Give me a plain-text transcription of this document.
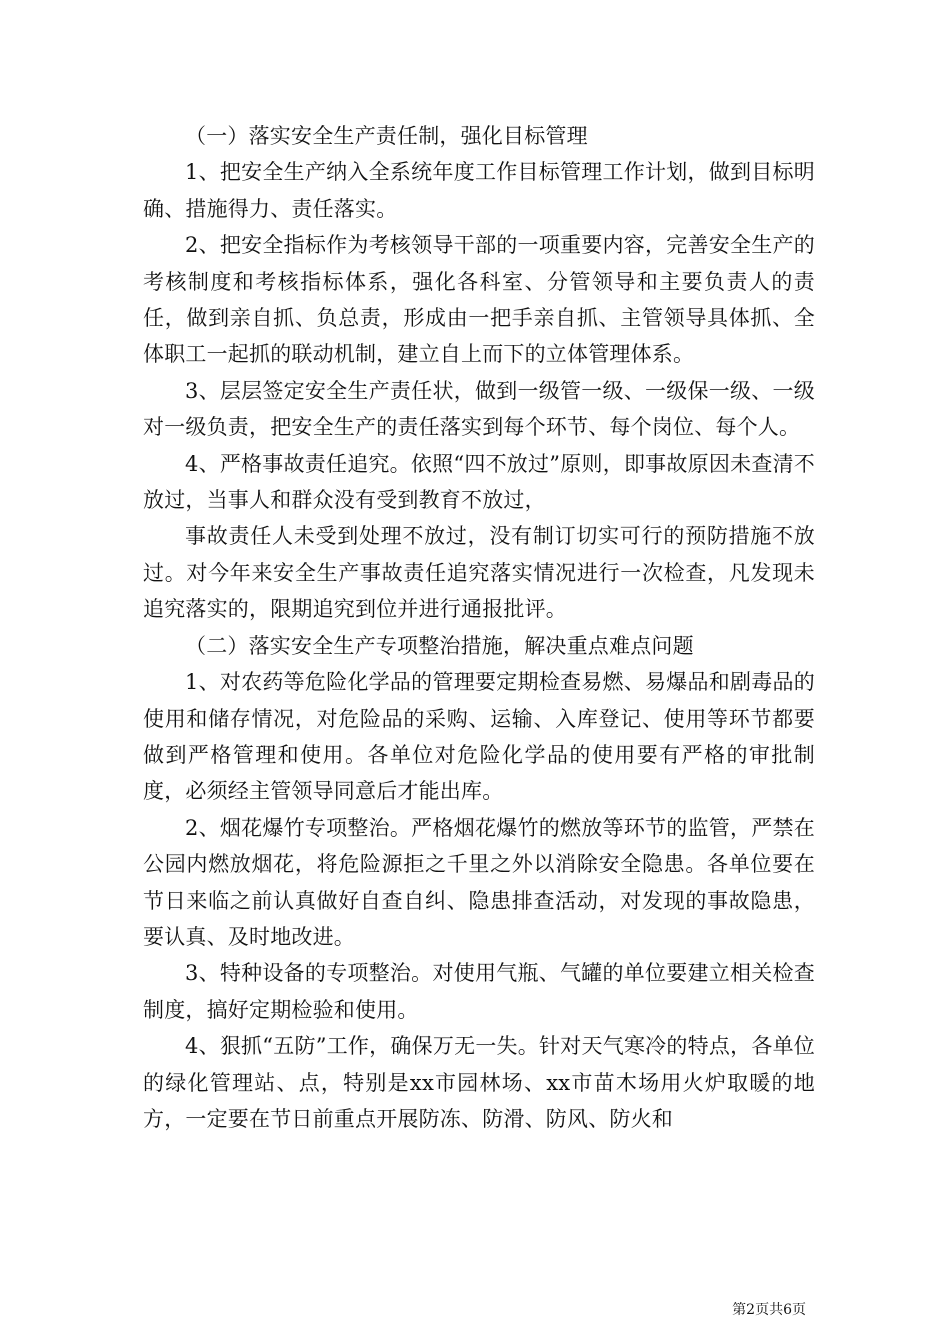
（一）落实安全生产责任制，强化目标管理

1、把安全生产纳入全系统年度工作目标管理工作计划，做到目标明确、措施得力、责任落实。

2、把安全指标作为考核领导干部的一项重要内容，完善安全生产的考核制度和考核指标体系，强化各科室、分管领导和主要负责人的责任，做到亲自抓、负总责，形成由一把手亲自抓、主管领导具体抓、全体职工一起抓的联动机制，建立自上而下的立体管理体系。

3、层层签定安全生产责任状，做到一级管一级、一级保一级、一级对一级负责，把安全生产的责任落实到每个环节、每个岗位、每个人。

4、严格事故责任追究。依照“四不放过”原则，即事故原因未查清不放过，当事人和群众没有受到教育不放过，

事故责任人未受到处理不放过，没有制订切实可行的预防措施不放过。对今年来安全生产事故责任追究落实情况进行一次检查，凡发现未追究落实的，限期追究到位并进行通报批评。

（二）落实安全生产专项整治措施，解决重点难点问题

1、对农药等危险化学品的管理要定期检查易燃、易爆品和剧毒品的使用和储存情况，对危险品的采购、运输、入库登记、使用等环节都要做到严格管理和使用。各单位对危险化学品的使用要有严格的审批制度，必须经主管领导同意后才能出库。

2、烟花爆竹专项整治。严格烟花爆竹的燃放等环节的监管，严禁在公园内燃放烟花，将危险源拒之千里之外以消除安全隐患。各单位要在节日来临之前认真做好自查自纠、隐患排查活动，对发现的事故隐患，要认真、及时地改进。

3、特种设备的专项整治。对使用气瓶、气罐的单位要建立相关检查制度，搞好定期检验和使用。

4、狠抓“五防”工作，确保万无一失。针对天气寒冷的特点，各单位的绿化管理站、点，特别是xx市园林场、xx市苗木场用火炉取暖的地方，一定要在节日前重点开展防冻、防滑、防风、防火和

第2页共6页
